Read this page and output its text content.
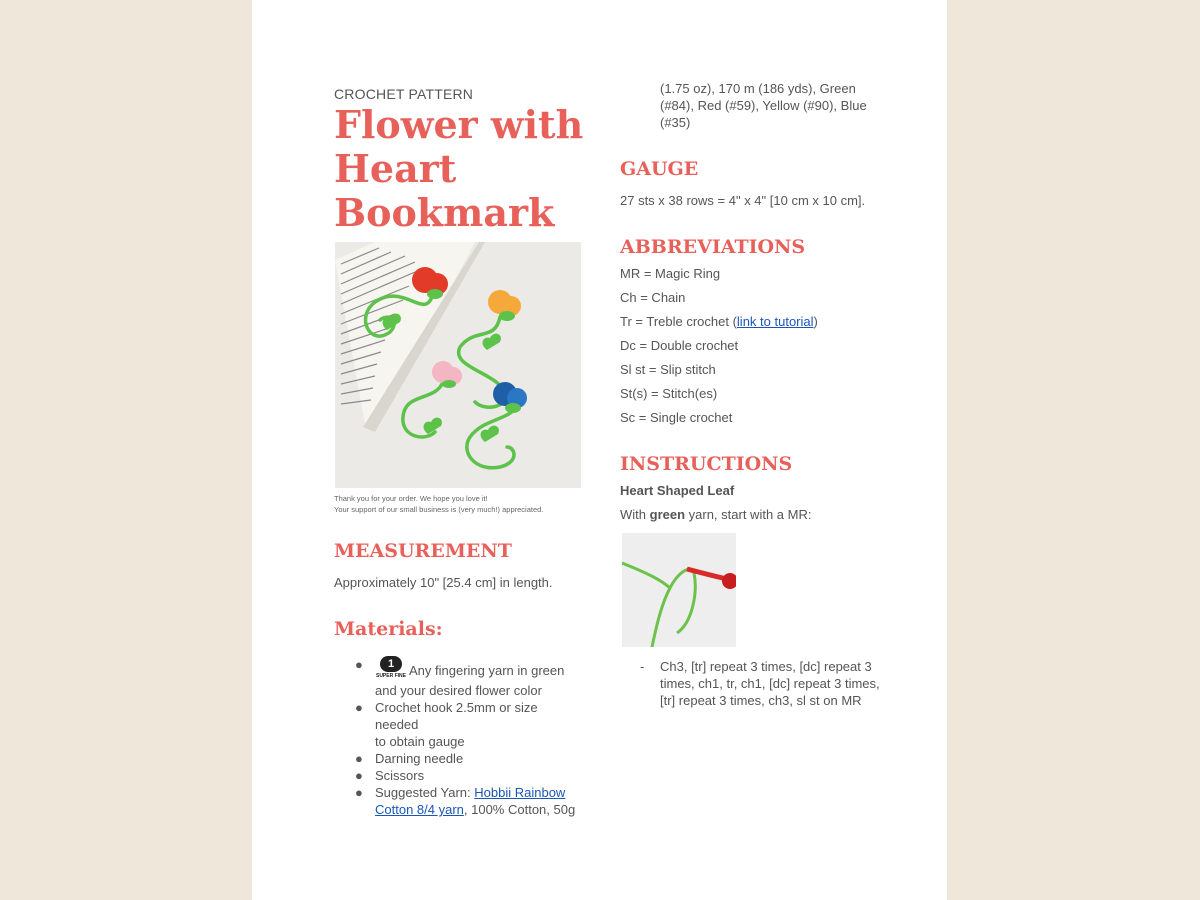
CROCHET PATTERN
Flower with
Heart
Bookmark
Thank you for your order. We hope you love it!
Your support of our small business is (very much!) appreciated.
MEASUREMENT
Approximately 10" [25.4 cm] in length.
Materials:
●	1
SUPER FINE Any fingering yarn in green
and your desired flower color
● Crochet hook 2.5mm or size needed
to obtain gauge
● Darning needle
● Scissors
● Suggested Yarn: Hobbii Rainbow
Cotton 8/4 yarn, 100% Cotton, 50g
(1.75 oz), 170 m (186 yds), Green
(#84), Red (#59), Yellow (#90), Blue
(#35)
GAUGE
27 sts x 38 rows = 4" x 4" [10 cm x 10 cm].
ABBREVIATIONS
MR = Magic Ring
Ch = Chain
Tr = Treble crochet (link to tutorial)
Dc = Double crochet
Sl st = Slip stitch
St(s) = Stitch(es)
Sc = Single crochet
INSTRUCTIONS
Heart Shaped Leaf
With green yarn, start with a MR:
- Ch3, [tr] repeat 3 times, [dc] repeat 3
times, ch1, tr, ch1, [dc] repeat 3 times,
[tr] repeat 3 times, ch3, sl st on MR
